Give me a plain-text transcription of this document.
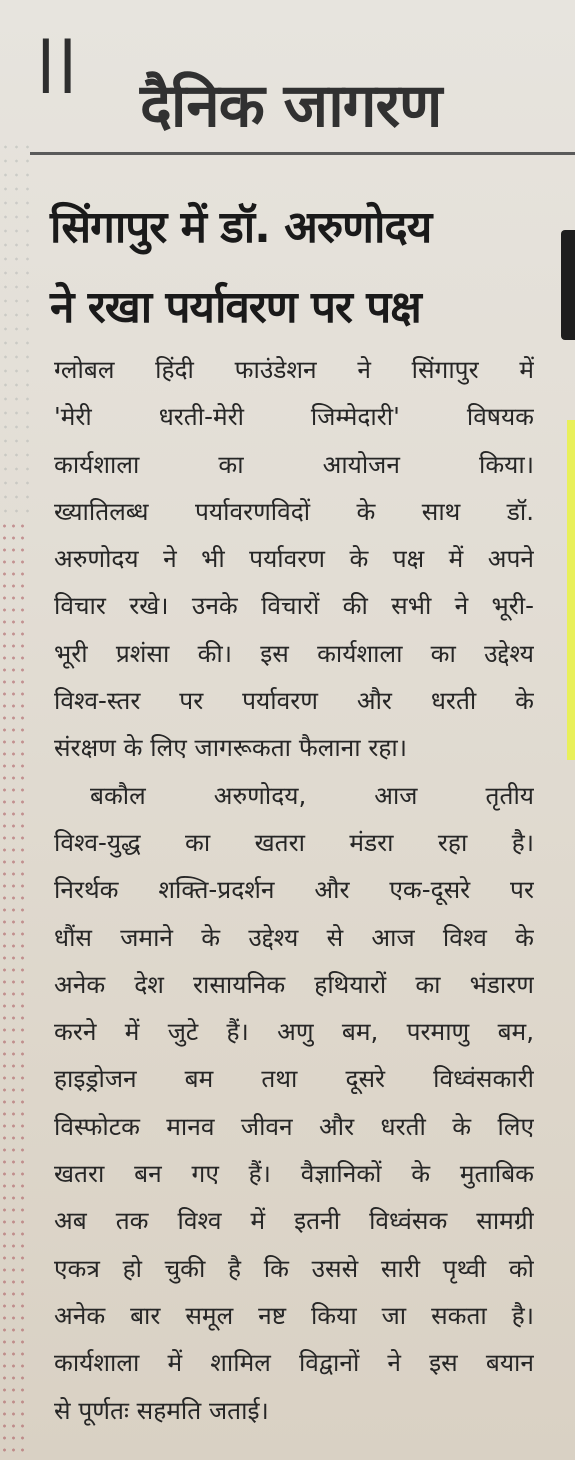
||
दैनिक जागरण
सिंगापुर में डॉ. अरुणोदय
ने रखा पर्यावरण पर पक्ष
ग्लोबल हिंदी फाउंडेशन ने सिंगापुर में
'मेरी धरती-मेरी जिम्मेदारी' विषयक
कार्यशाला का आयोजन किया।
ख्यातिलब्ध पर्यावरणविदों के साथ डॉ.
अरुणोदय ने भी पर्यावरण के पक्ष में अपने
विचार रखे। उनके विचारों की सभी ने भूरी-
भूरी प्रशंसा की। इस कार्यशाला का उद्देश्य
विश्व-स्तर पर पर्यावरण और धरती के
संरक्षण के लिए जागरूकता फैलाना रहा।
बकौल अरुणोदय, आज तृतीय
विश्व-युद्ध का खतरा मंडरा रहा है।
निरर्थक शक्ति-प्रदर्शन और एक-दूसरे पर
धौंस जमाने के उद्देश्य से आज विश्व के
अनेक देश रासायनिक हथियारों का भंडारण
करने में जुटे हैं। अणु बम, परमाणु बम,
हाइड्रोजन बम तथा दूसरे विध्वंसकारी
विस्फोटक मानव जीवन और धरती के लिए
खतरा बन गए हैं। वैज्ञानिकों के मुताबिक
अब तक विश्व में इतनी विध्वंसक सामग्री
एकत्र हो चुकी है कि उससे सारी पृथ्वी को
अनेक बार समूल नष्ट किया जा सकता है।
कार्यशाला में शामिल विद्वानों ने इस बयान
से पूर्णतः सहमति जताई।
